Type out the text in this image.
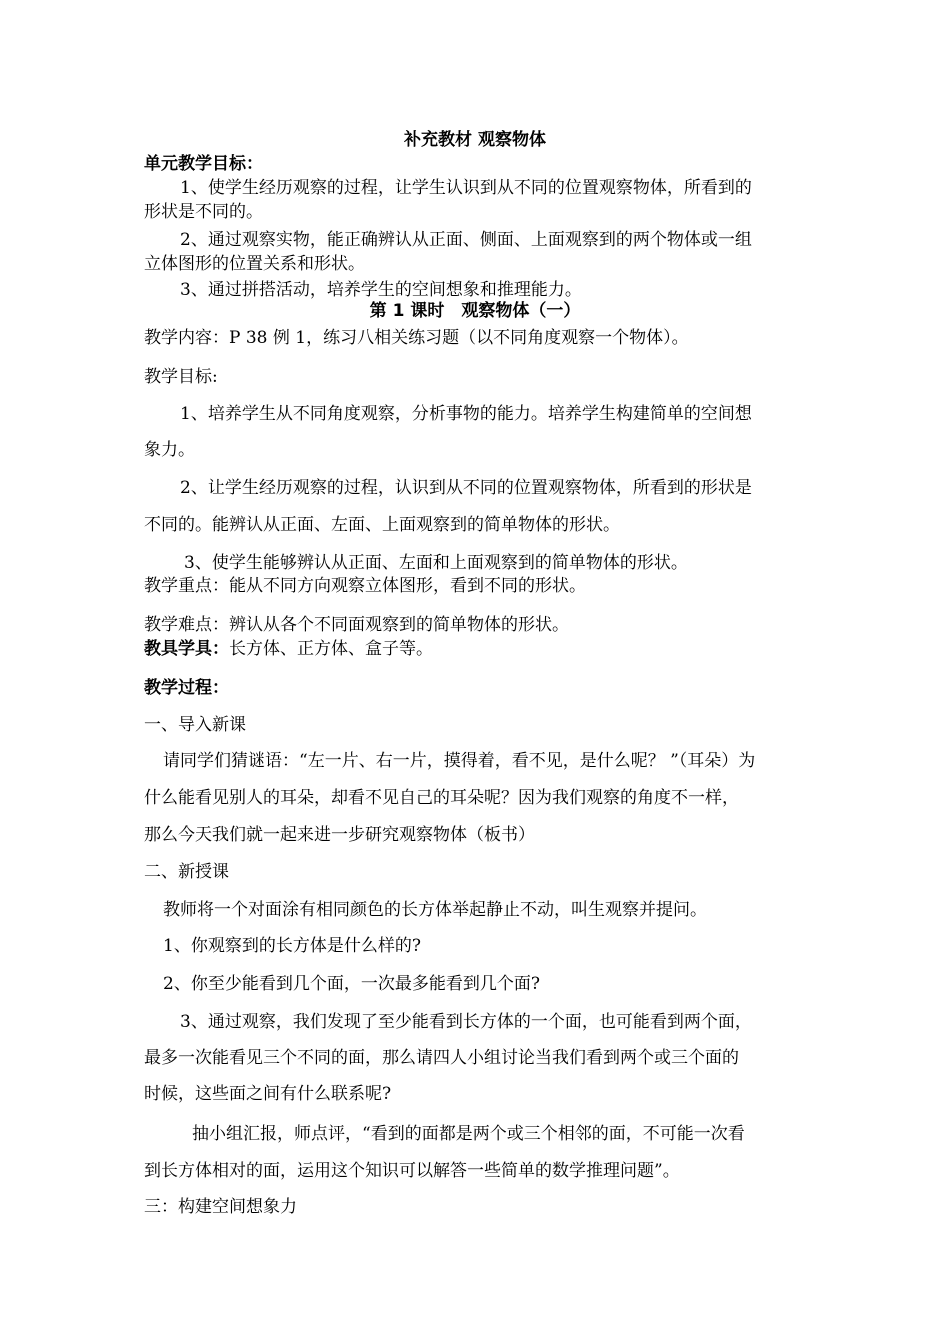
补充教材 观察物体
单元教学目标：
1、使学生经历观察的过程，让学生认识到从不同的位置观察物体，所看到的
形状是不同的。
2、通过观察实物，能正确辨认从正面、侧面、上面观察到的两个物体或一组
立体图形的位置关系和形状。
3、通过拼搭活动，培养学生的空间想象和推理能力。
第 1 课时　观察物体（一）
教学内容：P 38 例 1，练习八相关练习题（以不同角度观察一个物体）。
教学目标:
1、培养学生从不同角度观察，分析事物的能力。培养学生构建简单的空间想
象力。
2、让学生经历观察的过程，认识到从不同的位置观察物体，所看到的形状是
不同的。能辨认从正面、左面、上面观察到的简单物体的形状。
3、使学生能够辨认从正面、左面和上面观察到的简单物体的形状。
教学重点：能从不同方向观察立体图形，看到不同的形状。
教学难点：辨认从各个不同面观察到的简单物体的形状。
教具学具：长方体、正方体、盒子等。
教学过程：
一、导入新课
请同学们猜谜语：“左一片、右一片，摸得着，看不见，是什么呢？ ”（耳朵）为
什么能看见别人的耳朵，却看不见自己的耳朵呢？因为我们观察的角度不一样，
那么今天我们就一起来进一步研究观察物体（板书）
二、新授课
教师将一个对面涂有相同颜色的长方体举起静止不动，叫生观察并提问。
1、你观察到的长方体是什么样的?
2、你至少能看到几个面，一次最多能看到几个面?
3、通过观察，我们发现了至少能看到长方体的一个面，也可能看到两个面，
最多一次能看见三个不同的面，那么请四人小组讨论当我们看到两个或三个面的
时候，这些面之间有什么联系呢?
抽小组汇报，师点评，“看到的面都是两个或三个相邻的面，不可能一次看
到长方体相对的面，运用这个知识可以解答一些简单的数学推理问题”。
三：构建空间想象力
